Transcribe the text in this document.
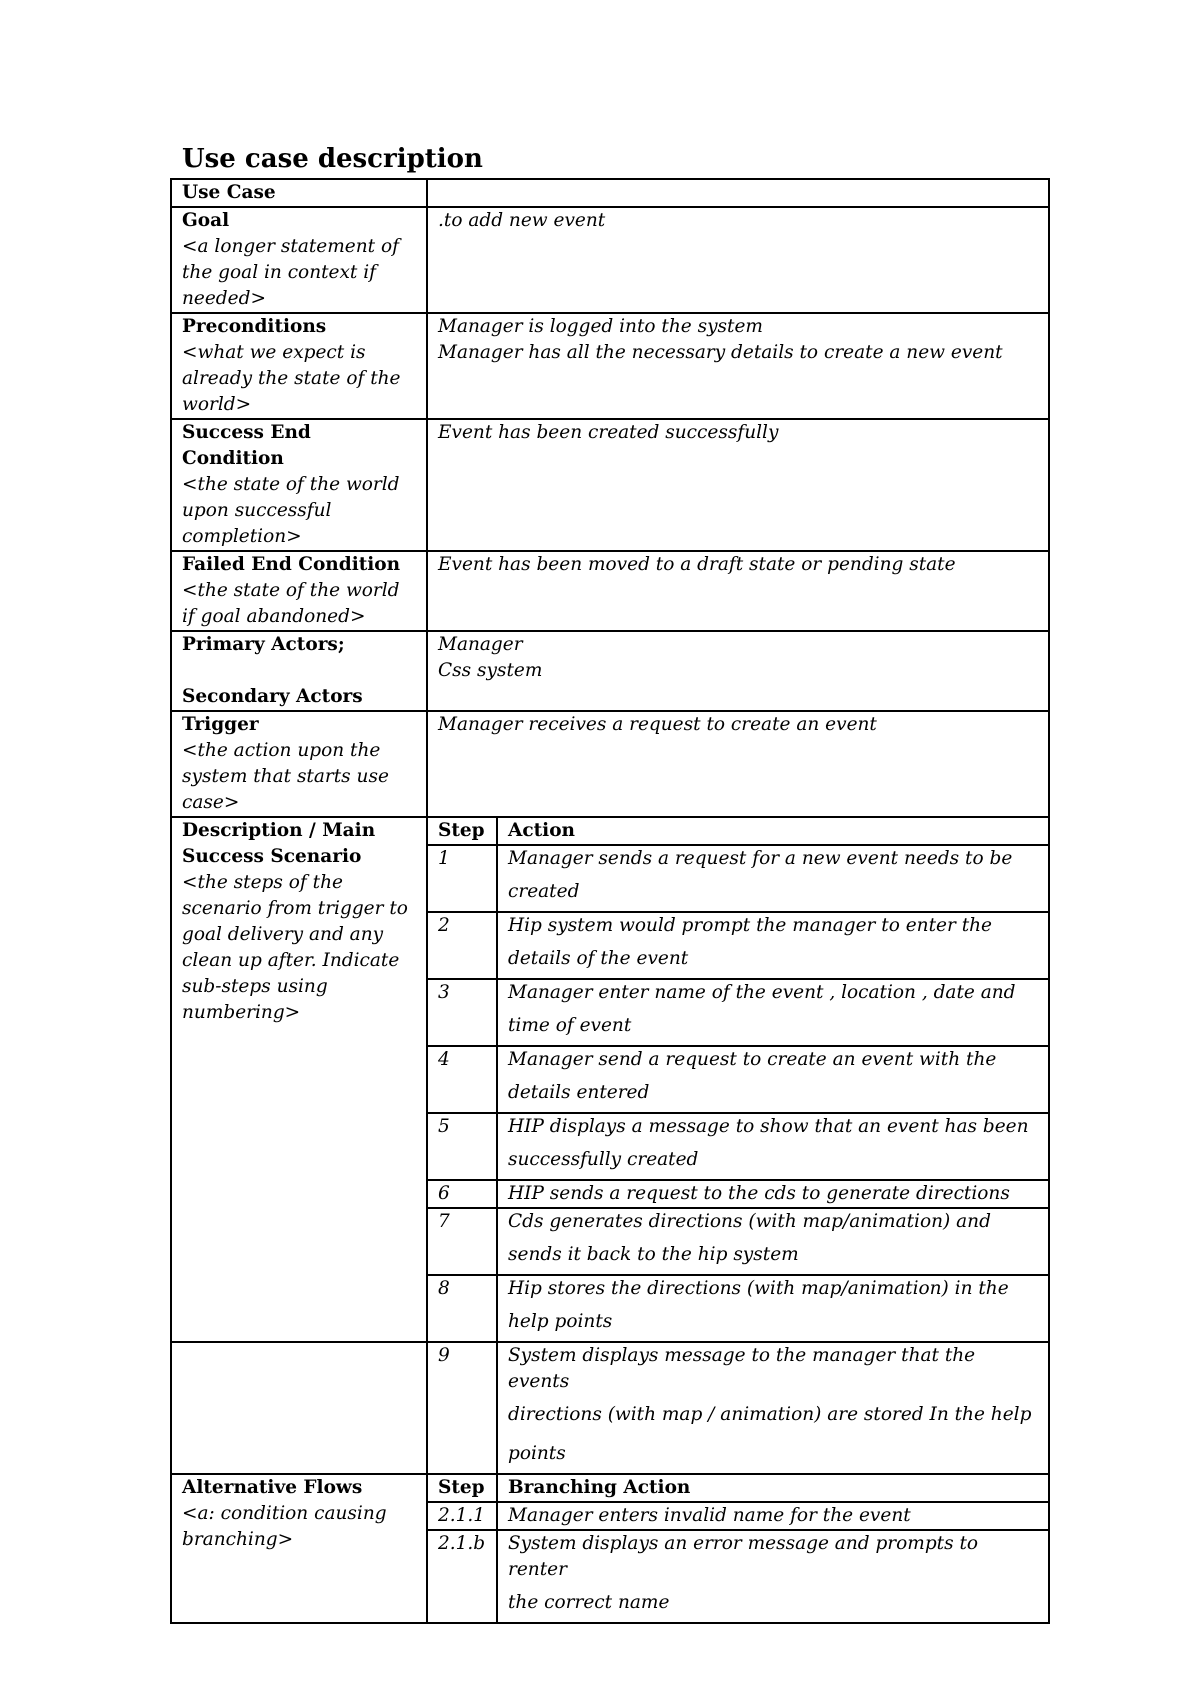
Use case description
Use Case		

Goal
<a longer statement of the goal in context if needed>	.to add new event	

Preconditions
<what we expect is already the state of the world>	Manager is logged into the system
Manager has all the necessary details to create a new event	

Success End Condition
<the state of the world upon successful completion>	Event has been created successfully	

Failed End Condition
<the state of the world if goal abandoned>	Event has been moved to a draft state or pending state	

Primary Actors;
Secondary Actors	Manager
Css system	

Trigger
<the action upon the system that starts use case>	Manager receives a request to create an event	

Description / Main Success Scenario
<the steps of the scenario from trigger to goal delivery and any clean up after. Indicate sub-steps using numbering>	Step	Action

	1	Manager sends a request for a new event needs to be
created

	2	Hip system would prompt the manager to enter the
details of the event

	3	Manager enter name of the event , location , date and
time of event

	4	Manager send a request to create an event with the
details entered

	5	HIP displays a message to show that an event has been
successfully created

	6	HIP sends a request to the cds to generate directions

	7	Cds generates directions (with map/animation) and
sends it back to the hip system

	8	Hip stores the directions (with map/animation) in the
help points

	9	System displays message to the manager that the events
directions (with map / animation) are stored In the help
points

Alternative Flows
<a: condition causing branching>	Step	Branching Action

	2.1.1	Manager enters invalid name for the event

	2.1.b	System displays an error message and prompts to renter
the correct name
